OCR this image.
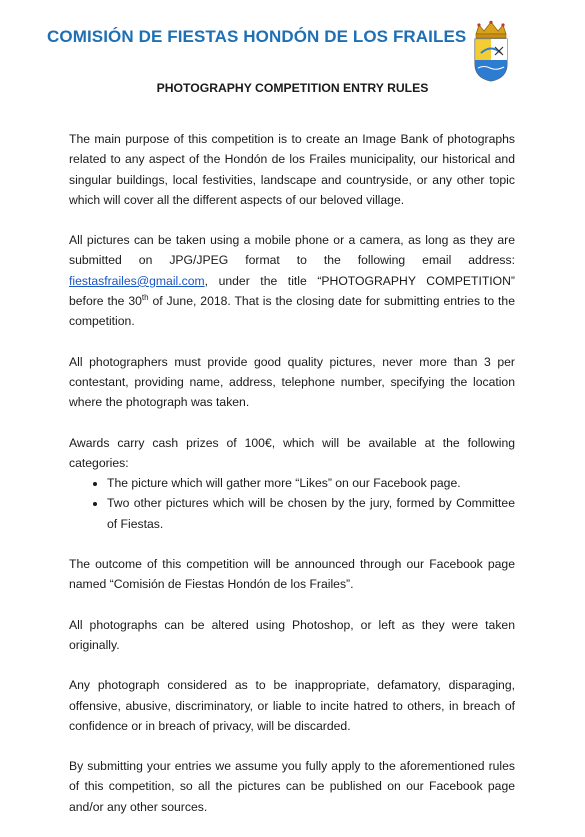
COMISIÓN DE FIESTAS HONDÓN DE LOS FRAILES
PHOTOGRAPHY COMPETITION ENTRY RULES

The main purpose of this competition is to create an Image Bank of photographs related to any aspect of the Hondón de los Frailes municipality, our historical and singular buildings, local festivities, landscape and countryside, or any other topic which will cover all the different aspects of our beloved village.

All pictures can be taken using a mobile phone or a camera, as long as they are submitted on JPG/JPEG format to the following email address: fiestasfrailes@gmail.com, under the title “PHOTOGRAPHY COMPETITION” before the 30th of June, 2018. That is the closing date for submitting entries to the competition.

All photographers must provide good quality pictures, never more than 3 per contestant, providing name, address, telephone number, specifying the location where the photograph was taken.

Awards carry cash prizes of 100€, which will be available at the following categories:
• The picture which will gather more “Likes” on our Facebook page.
• Two other pictures which will be chosen by the jury, formed by Committee of Fiestas.

The outcome of this competition will be announced through our Facebook page named “Comisión de Fiestas Hondón de los Frailes”.

All photographs can be altered using Photoshop, or left as they were taken originally.

Any photograph considered as to be inappropriate, defamatory, disparaging, offensive, abusive, discriminatory, or liable to incite hatred to others, in breach of confidence or in breach of privacy, will be discarded.

By submitting your entries we assume you fully apply to the aforementioned rules of this competition, so all the pictures can be published on our Facebook page and/or any other sources.
